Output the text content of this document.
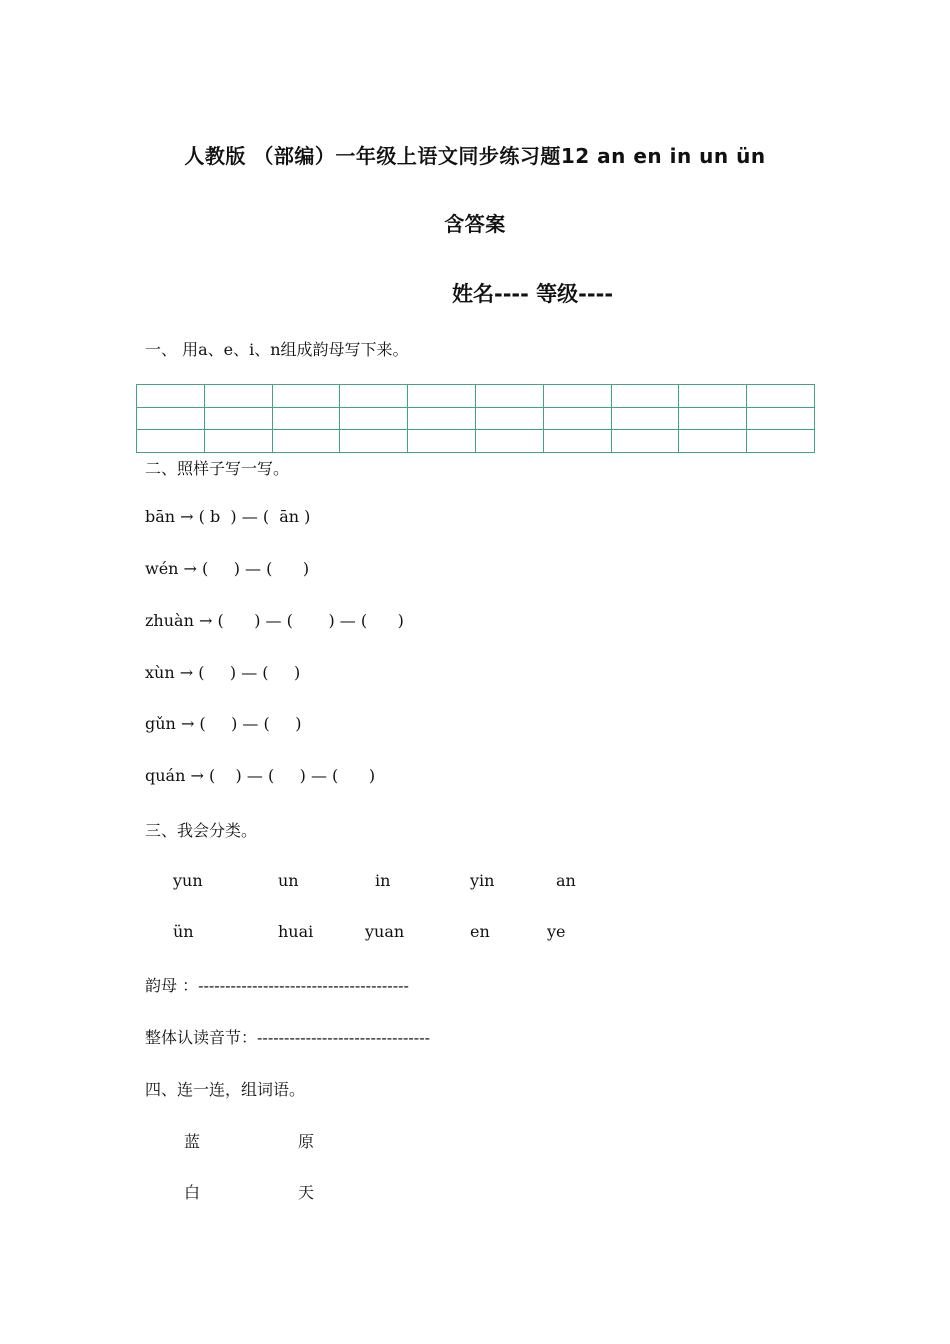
人教版 （部编）一年级上语文同步练习题12 an en in un ün
含答案
姓名---- 等级----
一、 用a、e、i、n组成韵母写下来。

二、照样子写一写。
bān → ( b  ) — (  ān )
wén → (     ) — (      )
zhuàn → (      ) — (       ) — (      )
xùn → (     ) — (     )
gǔn → (     ) — (     )
quán → (    ) — (     ) — (      )
三、我会分类。
yun	un	in	yin	an
ün	huai	yuan	en	ye
韵母 ：---------------------------------------
整体认读音节：--------------------------------
四、连一连，组词语。
蓝	原
白	天
